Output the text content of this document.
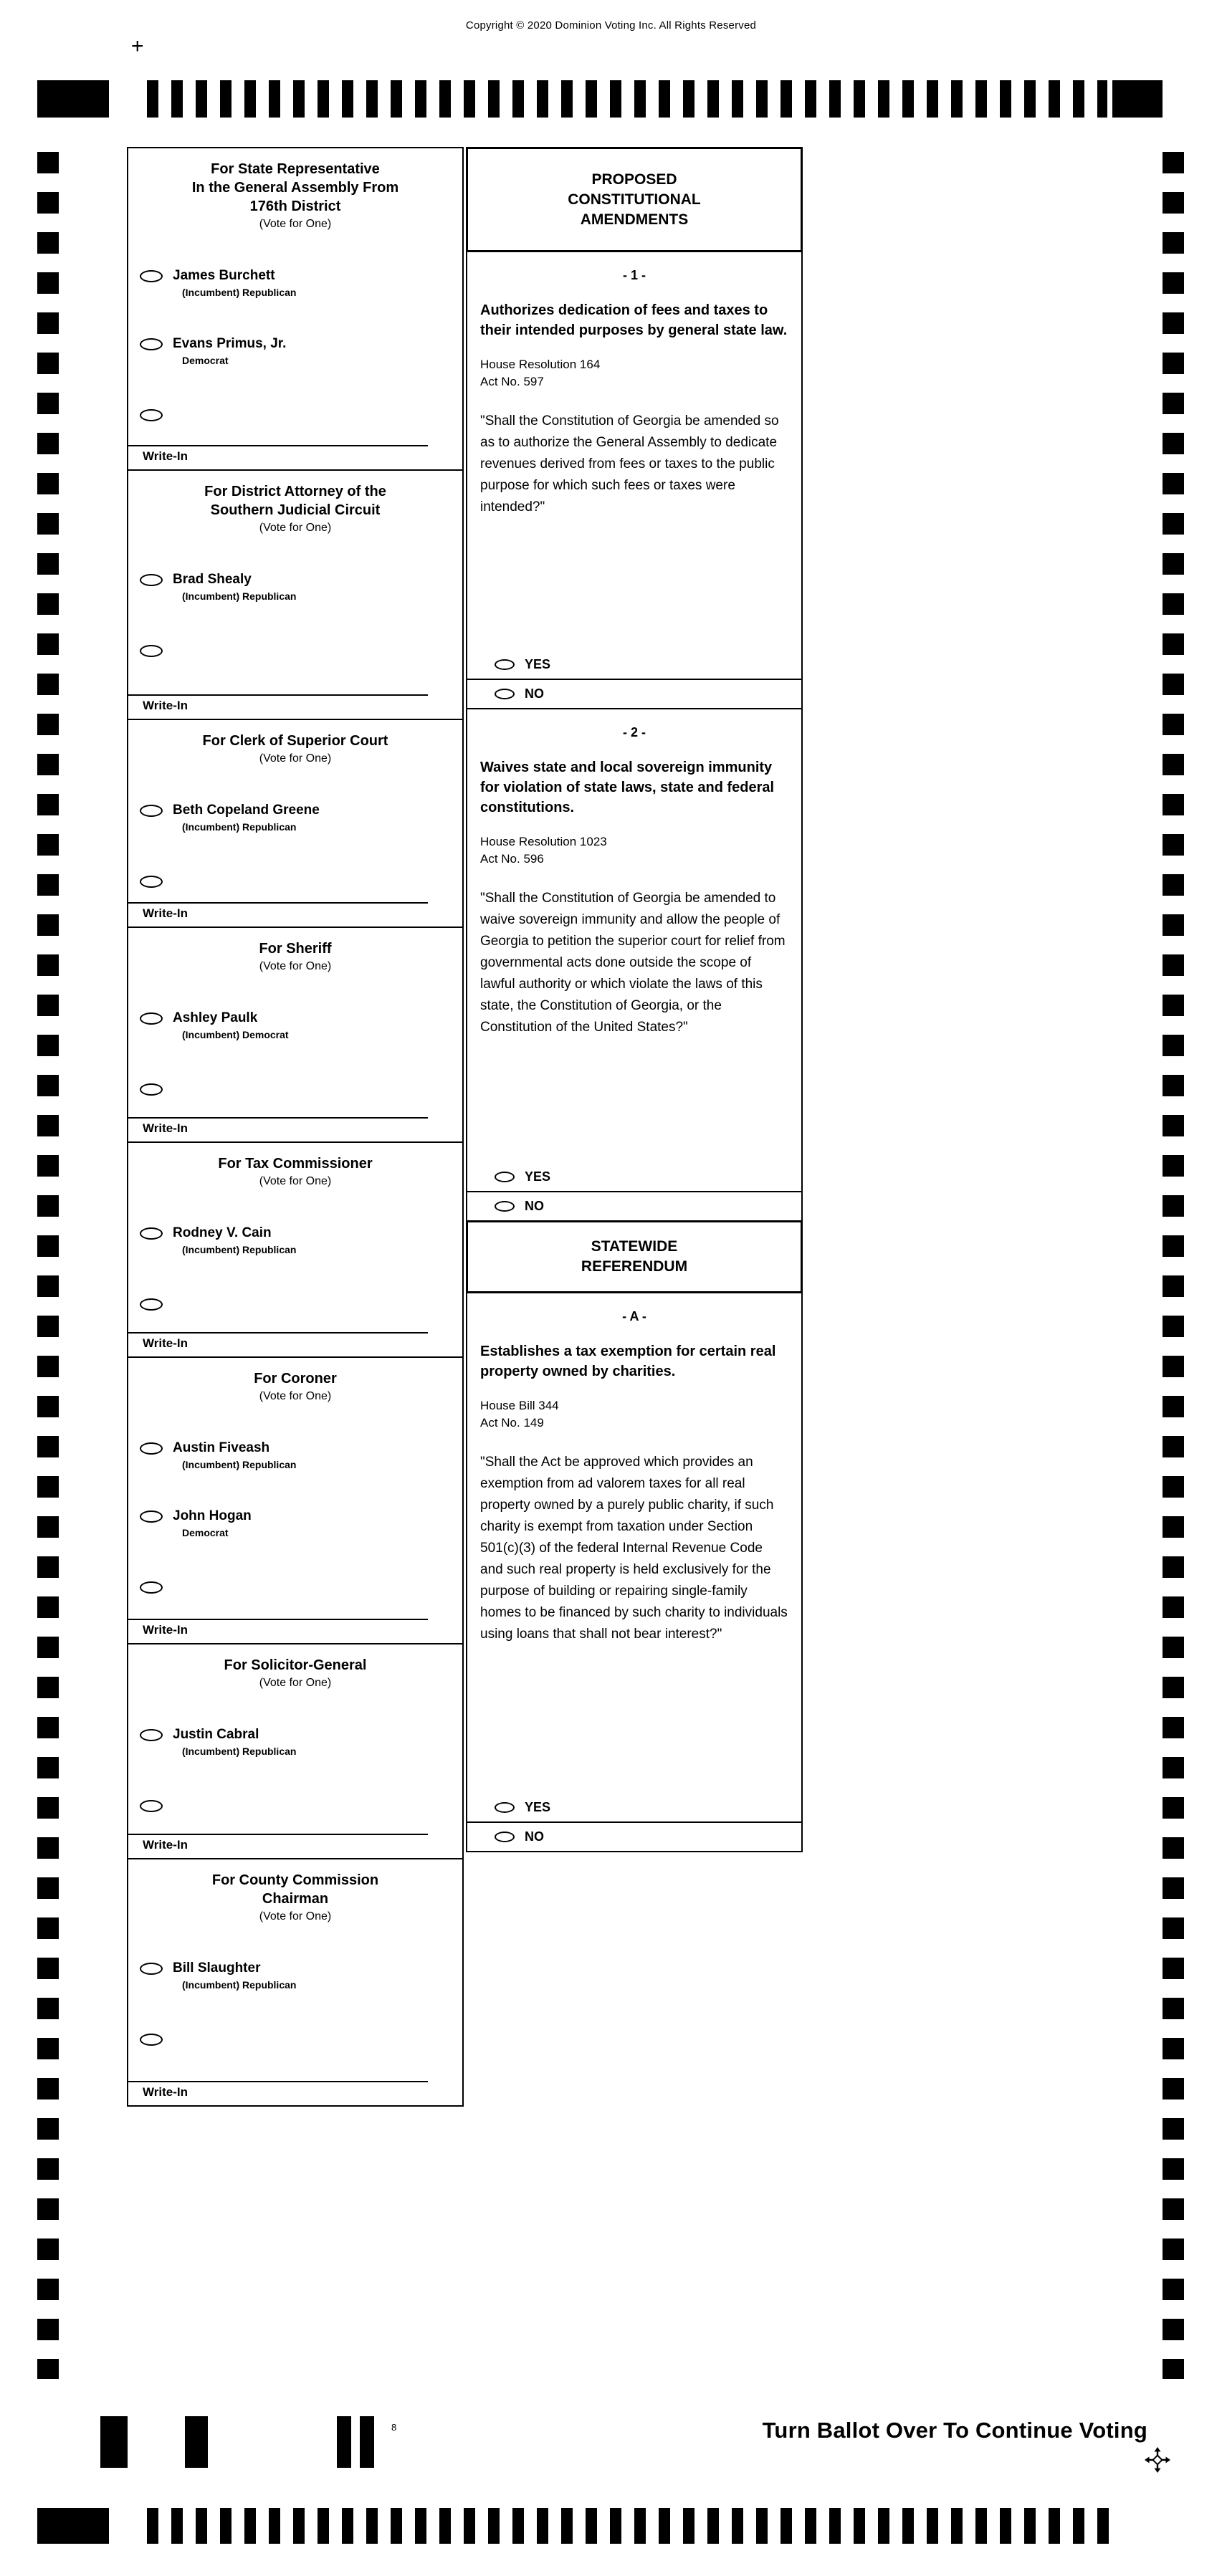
Copyright © 2020 Dominion Voting Inc. All Rights Reserved
+
For State Representative
In the General Assembly From
176th District
(Vote for One)
James Burchett
(Incumbent) Republican
Evans Primus, Jr.
Democrat
Write-In
For District Attorney of the
Southern Judicial Circuit
(Vote for One)
Brad Shealy
(Incumbent) Republican
Write-In
For Clerk of Superior Court
(Vote for One)
Beth Copeland Greene
(Incumbent) Republican
Write-In
For Sheriff
(Vote for One)
Ashley Paulk
(Incumbent) Democrat
Write-In
For Tax Commissioner
(Vote for One)
Rodney V. Cain
(Incumbent) Republican
Write-In
For Coroner
(Vote for One)
Austin Fiveash
(Incumbent) Republican
John Hogan
Democrat
Write-In
For Solicitor-General
(Vote for One)
Justin Cabral
(Incumbent) Republican
Write-In
For County Commission
Chairman
(Vote for One)
Bill Slaughter
(Incumbent) Republican
Write-In
PROPOSED
CONSTITUTIONAL
AMENDMENTS
- 1 -
Authorizes dedication of fees and taxes to their intended purposes by general state law.
House Resolution 164
Act No. 597
"Shall the Constitution of Georgia be amended so as to authorize the General Assembly to dedicate revenues derived from fees or taxes to the public purpose for which such fees or taxes were intended?"
YES
NO
- 2 -
Waives state and local sovereign immunity for violation of state laws, state and federal constitutions.
House Resolution 1023
Act No. 596
"Shall the Constitution of Georgia be amended to waive sovereign immunity and allow the people of Georgia to petition the superior court for relief from governmental acts done outside the scope of lawful authority or which violate the laws of this state, the Constitution of Georgia, or the Constitution of the United States?"
YES
NO
STATEWIDE
REFERENDUM
- A -
Establishes a tax exemption for certain real property owned by charities.
House Bill 344
Act No. 149
"Shall the Act be approved which provides an exemption from ad valorem taxes for all real property owned by a purely public charity, if such charity is exempt from taxation under Section 501(c)(3) of the federal Internal Revenue Code and such real property is held exclusively for the purpose of building or repairing single-family homes to be financed by such charity to individuals using loans that shall not bear interest?"
YES
NO
8	Turn Ballot Over To Continue Voting
